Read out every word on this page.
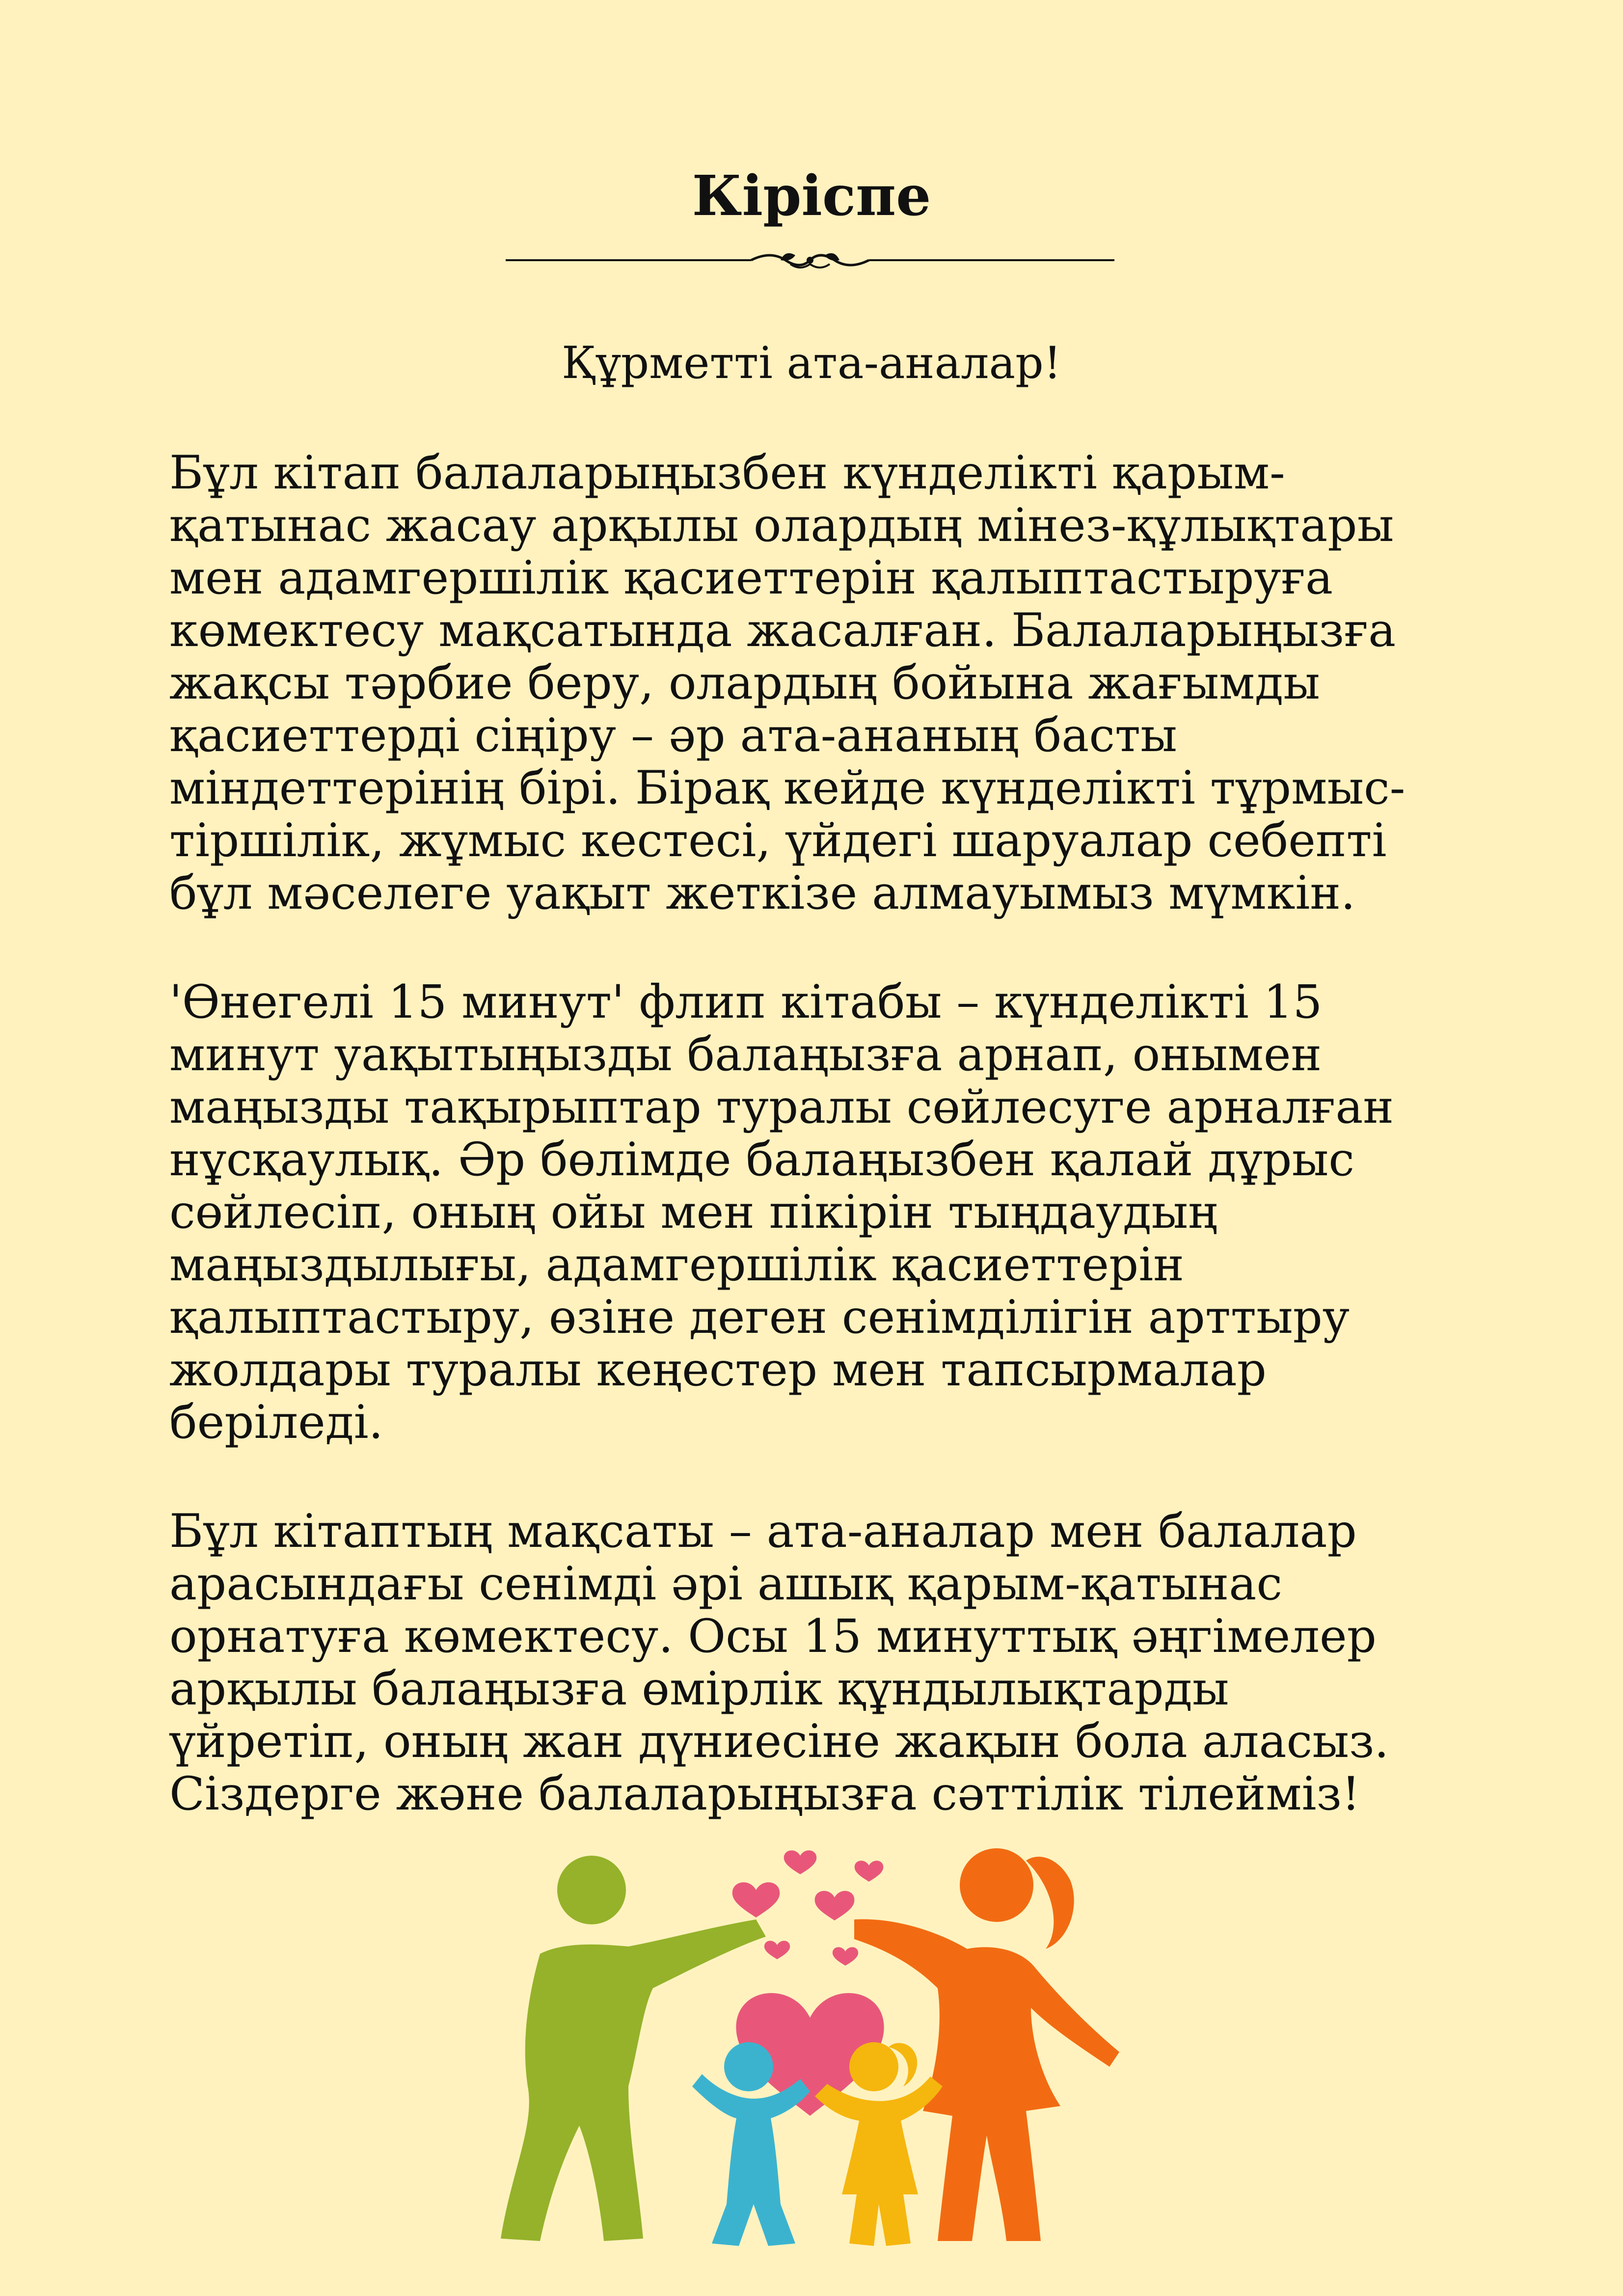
Кіріспе
Құрметті ата-аналар!

Бұл кітап балаларыңызбен күнделікті қарым-
қатынас жасау арқылы олардың мінез-құлықтары
мен адамгершілік қасиеттерін қалыптастыруға
көмектесу мақсатында жасалған. Балаларыңызға
жақсы тәрбие беру, олардың бойына жағымды
қасиеттерді сіңіру – әр ата-ананың басты
міндеттерінің бірі. Бірақ кейде күнделікті тұрмыс-
тіршілік, жұмыс кестесі, үйдегі шаруалар себепті
бұл мәселеге уақыт жеткізе алмауымыз мүмкін.

'Өнегелі 15 минут' флип кітабы – күнделікті 15
минут уақытыңызды балаңызға арнап, онымен
маңызды тақырыптар туралы сөйлесуге арналған
нұсқаулық. Әр бөлімде балаңызбен қалай дұрыс
сөйлесіп, оның ойы мен пікірін тыңдаудың
маңыздылығы, адамгершілік қасиеттерін
қалыптастыру, өзіне деген сенімділігін арттыру
жолдары туралы кеңестер мен тапсырмалар
беріледі.

Бұл кітаптың мақсаты – ата-аналар мен балалар
арасындағы сенімді әрі ашық қарым-қатынас
орнатуға көмектесу. Осы 15 минуттық әңгімелер
арқылы балаңызға өмірлік құндылықтарды
үйретіп, оның жан дүниесіне жақын бола аласыз.
Сіздерге және балаларыңызға сәттілік тілейміз!
